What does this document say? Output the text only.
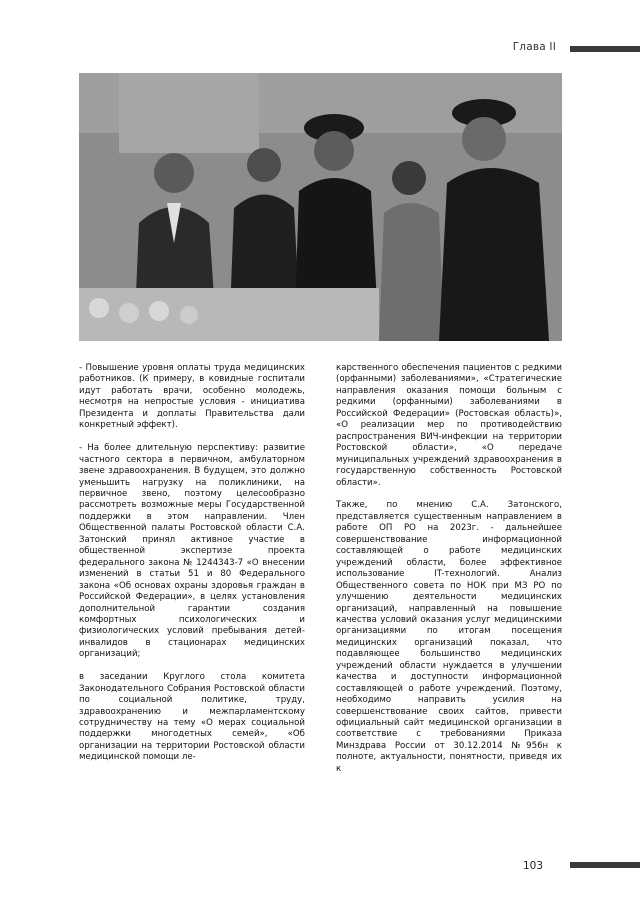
Глава II

- Повышение уровня оплаты труда медицинских работников. (К примеру, в ковидные госпитали идут работать врачи, особенно молодежь, несмотря на непростые условия - инициатива Президента и доплаты Правительства дали конкретный эффект).

- На более длительную перспективу: развитие частного сектора в первичном, амбулаторном звене здравоохранения. В будущем, это должно уменьшить нагрузку на поликлиники, на первичное звено, поэтому целесообразно рассмотреть возможные меры Государственной поддержки в этом направлении. Член Общественной палаты Ростовской области С.А. Затонский принял активное участие в общественной экспертизе проекта федерального закона № 1244343-7 «О внесении изменений в статьи 51 и 80 Федерального закона «Об основах охраны здоровья граждан в Российской Федерации», в целях установления дополнительной гарантии создания комфортных психологических и физиологических условий пребывания детей-инвалидов в стационарах медицинских организаций;

в заседании Круглого стола комитета Законодательного Собрания Ростовской области по социальной политике, труду, здравоохранению и межпарламентскому сотрудничеству на тему «О мерах социальной поддержки многодетных семей», «Об организации на территории Ростовской области медицинской помощи ле-

карственного обеспечения пациентов с редкими (орфанными) заболеваниями», «Стратегические направления оказания помощи больным с редкими (орфанными) заболеваниями в Российской Федерации» (Ростовская область)», «О реализации мер по противодействию распространения ВИЧ-инфекции на территории Ростовской области», «О передаче муниципальных учреждений здравоохранения в государственную собственность Ростовской области».

Также, по мнению С.А. Затонского, представляется существенным направлением в работе ОП РО на 2023г. - дальнейшее совершенствование информационной составляющей о работе медицинских учреждений области, более эффективное использование IT-технологий. Анализ Общественного совета по НОК при МЗ РО по улучшению деятельности медицинских организаций, направленный на повышение качества условий оказания услуг медицинскими организациями по итогам посещения медицинских организаций показал, что подавляющее большинство медицинских учреждений области нуждается в улучшении качества и доступности информационной составляющей о работе учреждений. Поэтому, необходимо направить усилия на совершенствование своих сайтов, привести официальный сайт медицинской организации в соответствие с требованиями Приказа Минздрава России от 30.12.2014 №956н к полноте, актуальности, понятности, приведя их к

103
